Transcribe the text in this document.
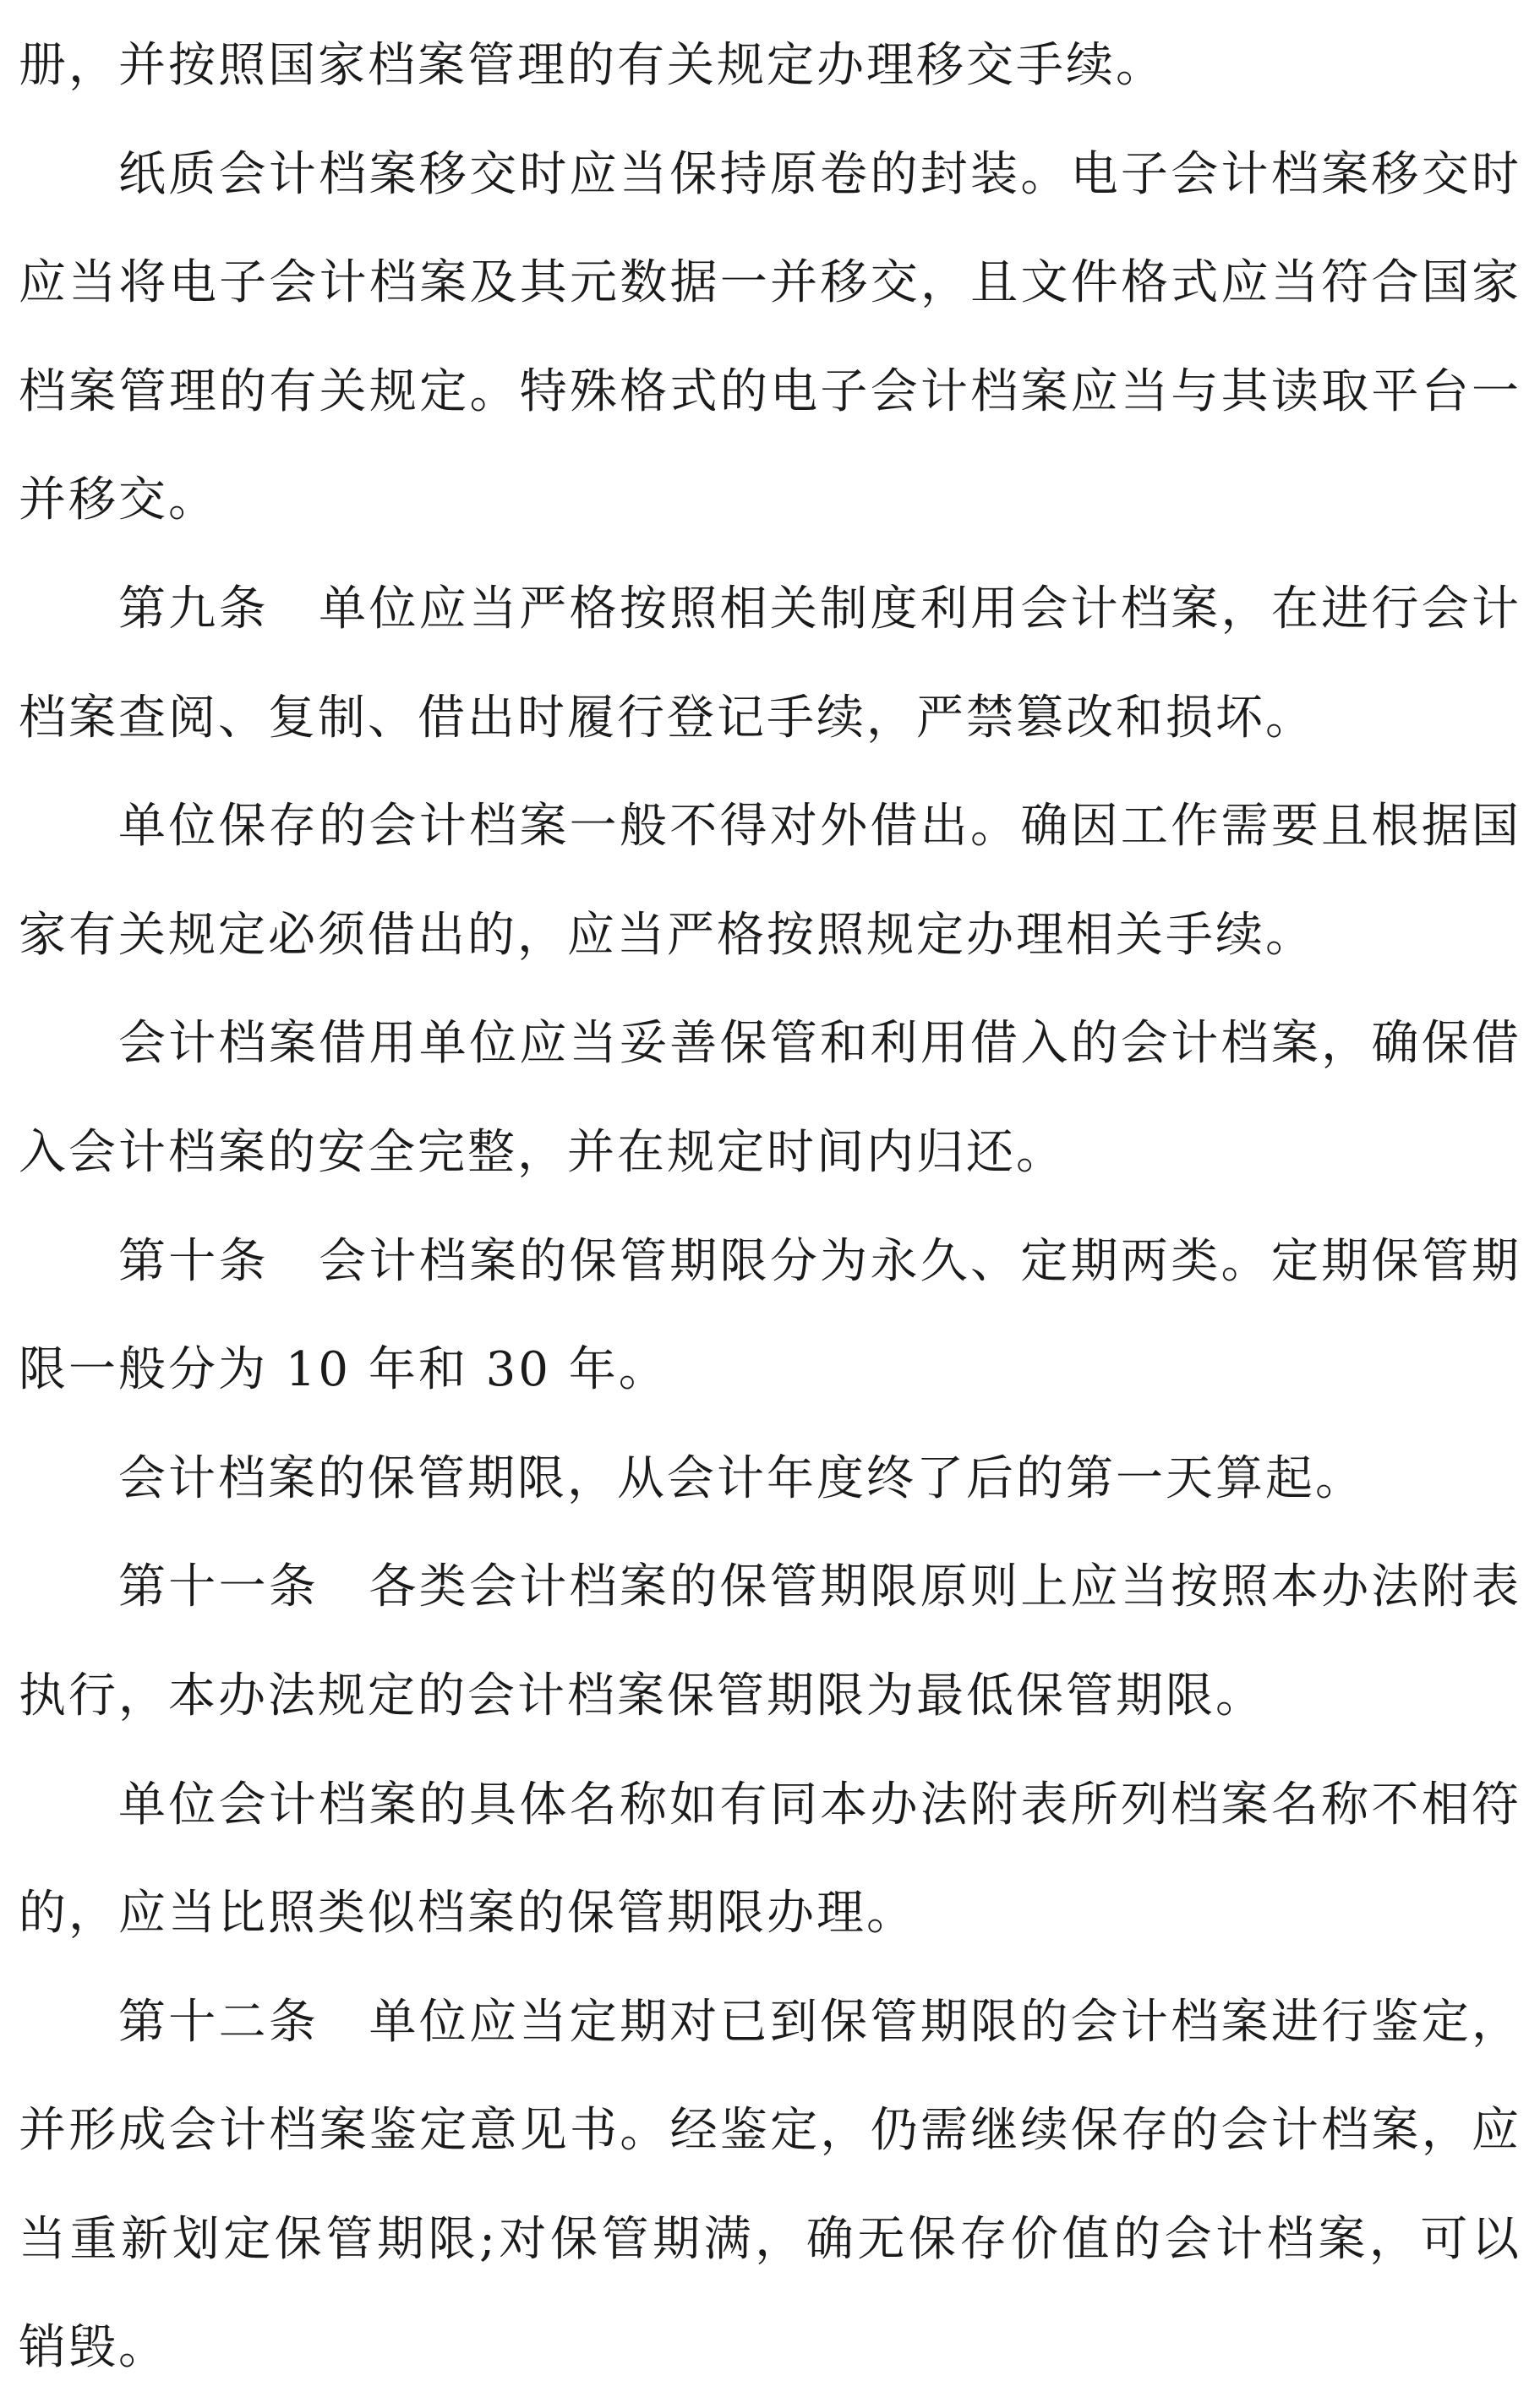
册，并按照国家档案管理的有关规定办理移交手续。

纸质会计档案移交时应当保持原卷的封装。电子会计档案移交时应当将电子会计档案及其元数据一并移交，且文件格式应当符合国家档案管理的有关规定。特殊格式的电子会计档案应当与其读取平台一并移交。

第九条　单位应当严格按照相关制度利用会计档案，在进行会计档案查阅、复制、借出时履行登记手续，严禁篡改和损坏。

单位保存的会计档案一般不得对外借出。确因工作需要且根据国家有关规定必须借出的，应当严格按照规定办理相关手续。

会计档案借用单位应当妥善保管和利用借入的会计档案，确保借入会计档案的安全完整，并在规定时间内归还。

第十条　会计档案的保管期限分为永久、定期两类。定期保管期限一般分为 10 年和 30 年。

会计档案的保管期限，从会计年度终了后的第一天算起。

第十一条　各类会计档案的保管期限原则上应当按照本办法附表执行，本办法规定的会计档案保管期限为最低保管期限。

单位会计档案的具体名称如有同本办法附表所列档案名称不相符的，应当比照类似档案的保管期限办理。

第十二条　单位应当定期对已到保管期限的会计档案进行鉴定，并形成会计档案鉴定意见书。经鉴定，仍需继续保存的会计档案，应当重新划定保管期限;对保管期满，确无保存价值的会计档案，可以销毁。
